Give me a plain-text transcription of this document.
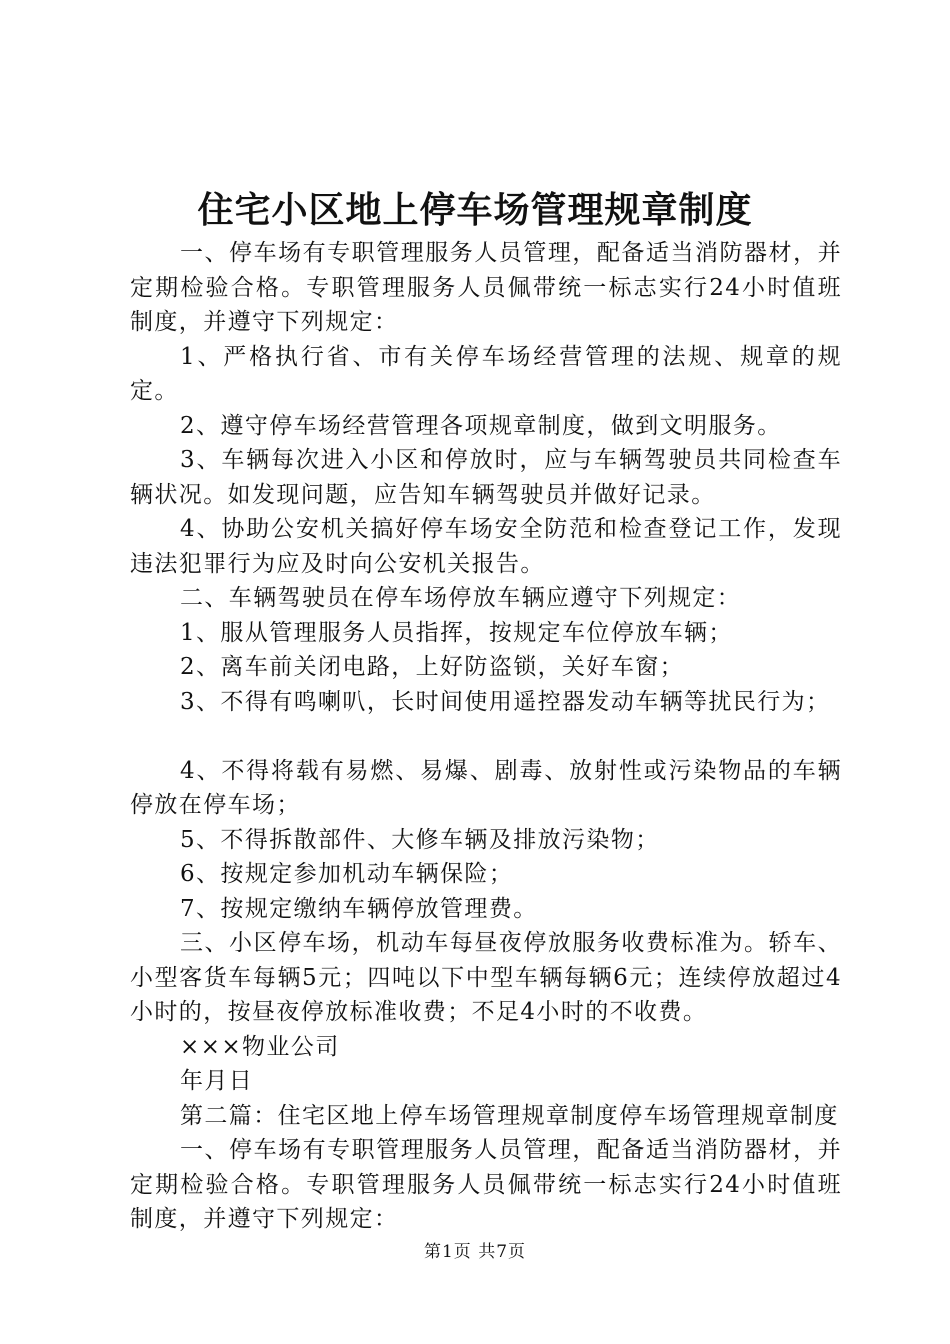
住宅小区地上停车场管理规章制度

一、停车场有专职管理服务人员管理，配备适当消防器材，并定期检验合格。专职管理服务人员佩带统一标志实行24小时值班制度，并遵守下列规定：

1、严格执行省、市有关停车场经营管理的法规、规章的规定。

2、遵守停车场经营管理各项规章制度，做到文明服务。

3、车辆每次进入小区和停放时，应与车辆驾驶员共同检查车辆状况。如发现问题，应告知车辆驾驶员并做好记录。

4、协助公安机关搞好停车场安全防范和检查登记工作，发现违法犯罪行为应及时向公安机关报告。

二、车辆驾驶员在停车场停放车辆应遵守下列规定：

1、服从管理服务人员指挥，按规定车位停放车辆；

2、离车前关闭电路，上好防盗锁，关好车窗；

3、不得有鸣喇叭，长时间使用遥控器发动车辆等扰民行为；

4、不得将载有易燃、易爆、剧毒、放射性或污染物品的车辆停放在停车场；

5、不得拆散部件、大修车辆及排放污染物；

6、按规定参加机动车辆保险；

7、按规定缴纳车辆停放管理费。

三、小区停车场，机动车每昼夜停放服务收费标准为。轿车、小型客货车每辆5元；四吨以下中型车辆每辆6元；连续停放超过4小时的，按昼夜停放标准收费；不足4小时的不收费。

×××物业公司

年月日

第二篇：住宅区地上停车场管理规章制度停车场管理规章制度

一、停车场有专职管理服务人员管理，配备适当消防器材，并定期检验合格。专职管理服务人员佩带统一标志实行24小时值班制度，并遵守下列规定：

第1页 共7页
